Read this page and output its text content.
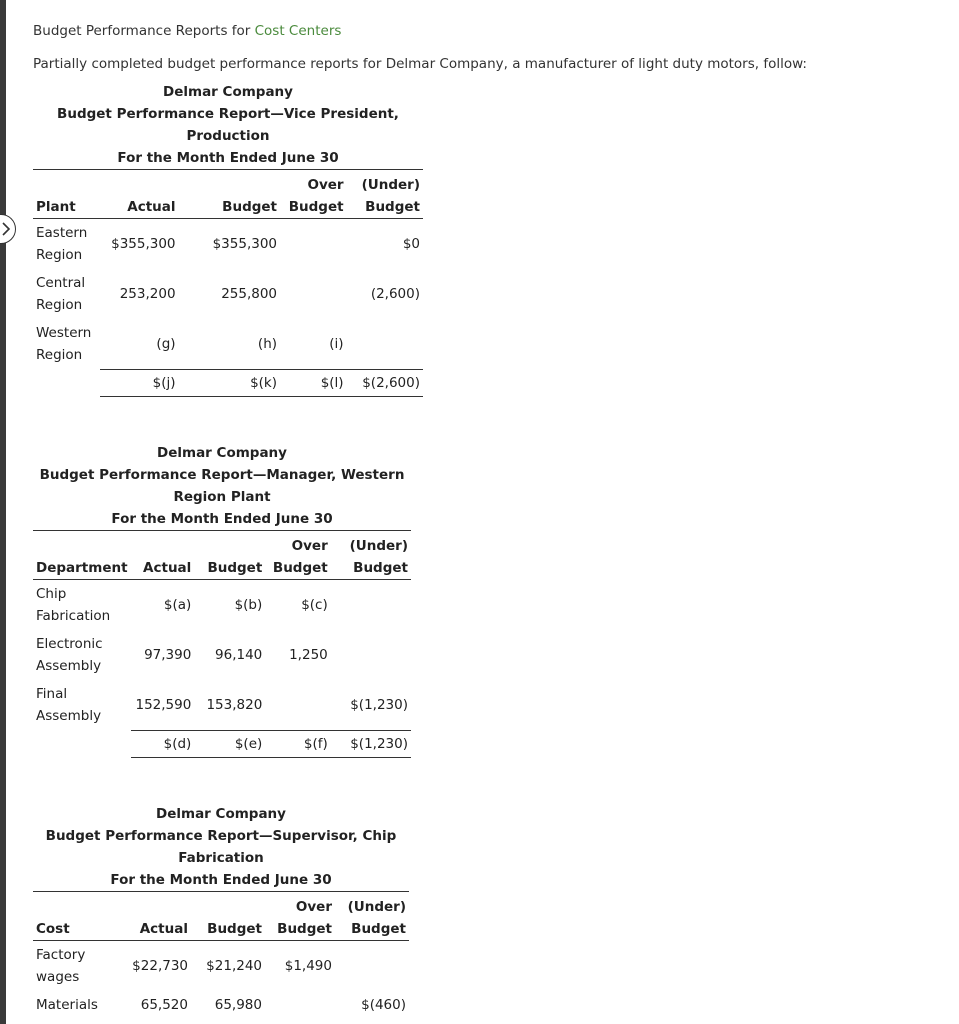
Budget Performance Reports for Cost Centers
Partially completed budget performance reports for Delmar Company, a manufacturer of light duty motors, follow:
Delmar Company
Budget Performance Report—Vice President,
Production
For the Month Ended June 30
			Over	(Under)
Plant	Actual	Budget	Budget	Budget
Eastern
Region	$355,300	$355,300		$0
Central
Region	253,200	255,800		(2,600)
Western
Region	(g)	(h)	(i)	
	$(j)	$(k)	$(l)	$(2,600)
Delmar Company
Budget Performance Report—Manager, Western
Region Plant
For the Month Ended June 30
			Over	(Under)
Department	Actual	Budget	Budget	Budget
Chip
Fabrication	$(a)	$(b)	$(c)	
Electronic
Assembly	97,390	96,140	1,250	
Final
Assembly	152,590	153,820		$(1,230)
	$(d)	$(e)	$(f)	$(1,230)
Delmar Company
Budget Performance Report—Supervisor, Chip
Fabrication
For the Month Ended June 30
			Over	(Under)
Cost	Actual	Budget	Budget	Budget
Factory
wages	$22,730	$21,240	$1,490	
Materials	65,520	65,980		$(460)
